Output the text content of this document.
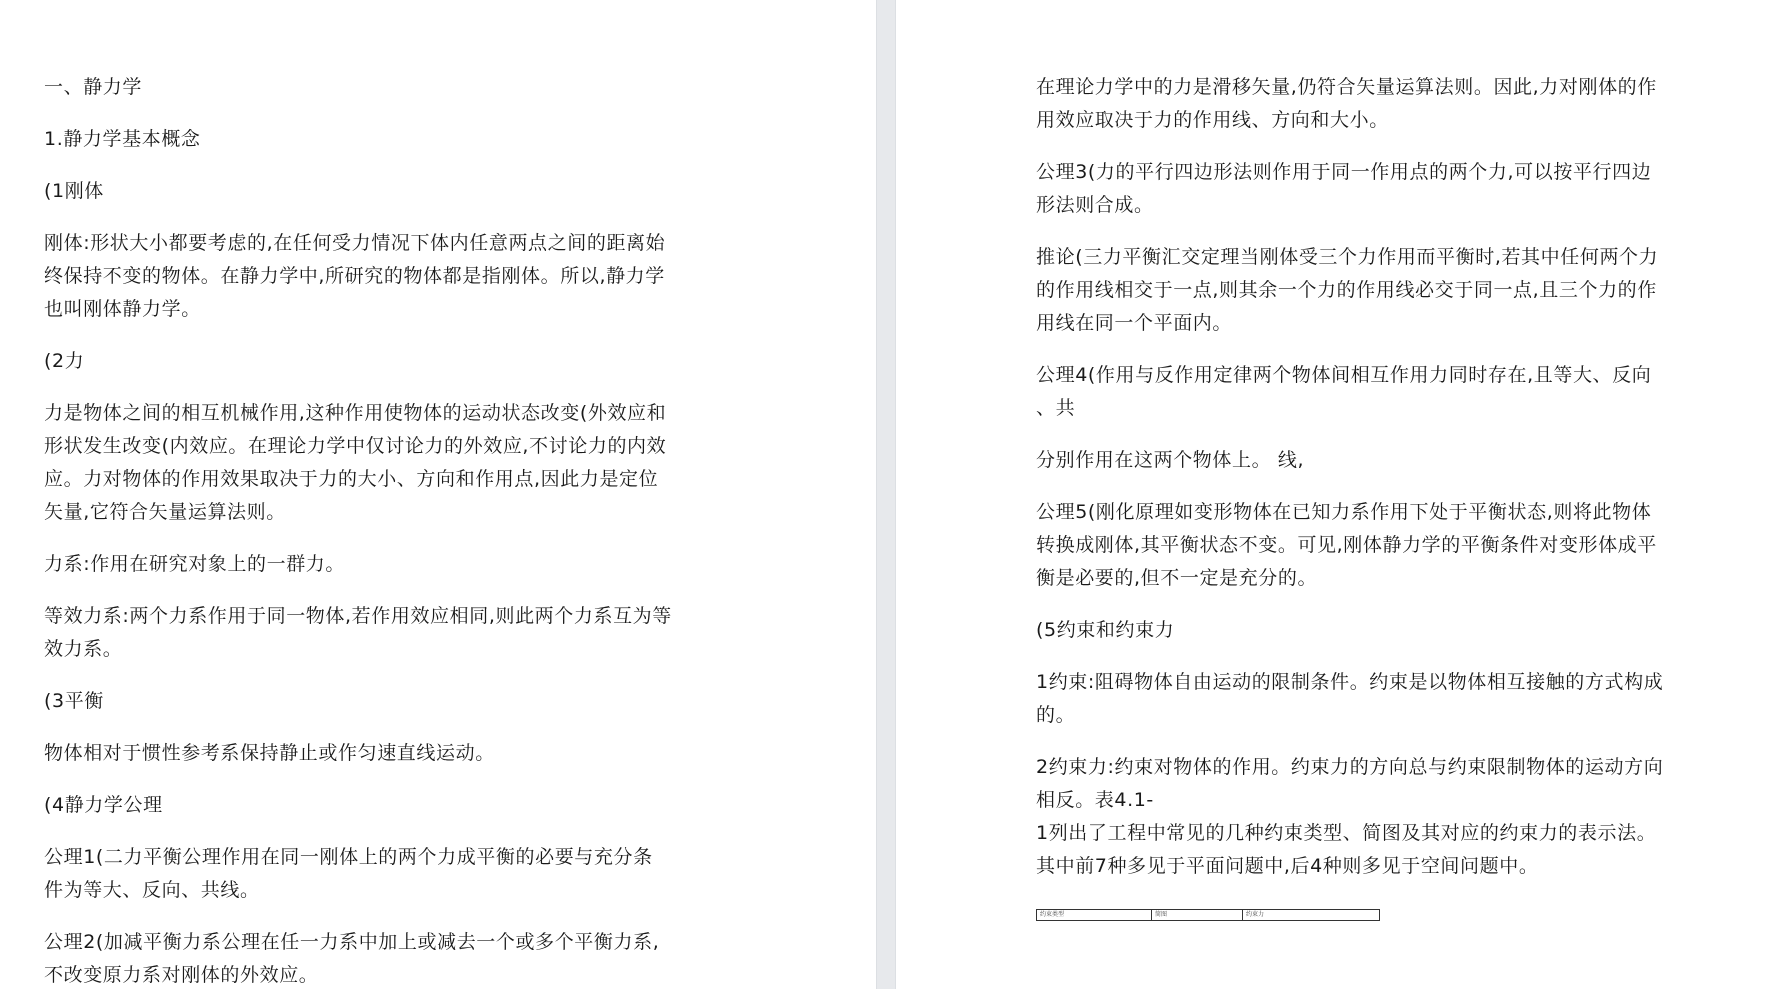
一、静力学

1.静力学基本概念

(1刚体

刚体:形状大小都要考虑的,在任何受力情况下体内任意两点之间的距离始
终保持不变的物体。在静力学中,所研究的物体都是指刚体。所以,静力学
也叫刚体静力学。

(2力

力是物体之间的相互机械作用,这种作用使物体的运动状态改变(外效应和
形状发生改变(内效应。在理论力学中仅讨论力的外效应,不讨论力的内效
应。力对物体的作用效果取决于力的大小、方向和作用点,因此力是定位
矢量,它符合矢量运算法则。

力系:作用在研究对象上的一群力。

等效力系:两个力系作用于同一物体,若作用效应相同,则此两个力系互为等
效力系。

(3平衡

物体相对于惯性参考系保持静止或作匀速直线运动。

(4静力学公理

公理1(二力平衡公理作用在同一刚体上的两个力成平衡的必要与充分条
件为等大、反向、共线。

公理2(加减平衡力系公理在任一力系中加上或减去一个或多个平衡力系,
不改变原力系对刚体的外效应。

在理论力学中的力是滑移矢量,仍符合矢量运算法则。因此,力对刚体的作
用效应取决于力的作用线、方向和大小。

公理3(力的平行四边形法则作用于同一作用点的两个力,可以按平行四边
形法则合成。

推论(三力平衡汇交定理当刚体受三个力作用而平衡时,若其中任何两个力
的作用线相交于一点,则其余一个力的作用线必交于同一点,且三个力的作
用线在同一个平面内。

公理4(作用与反作用定律两个物体间相互作用力同时存在,且等大、反向
、共

分别作用在这两个物体上。 线,

公理5(刚化原理如变形物体在已知力系作用下处于平衡状态,则将此物体
转换成刚体,其平衡状态不变。可见,刚体静力学的平衡条件对变形体成平
衡是必要的,但不一定是充分的。

(5约束和约束力

1约束:阻碍物体自由运动的限制条件。约束是以物体相互接触的方式构成
的。

2约束力:约束对物体的作用。约束力的方向总与约束限制物体的运动方向
相反。表4.1-

1列出了工程中常见的几种约束类型、简图及其对应的约束力的表示法。
其中前7种多见于平面问题中,后4种则多见于空间问题中。

约束类型	简图	约束力
